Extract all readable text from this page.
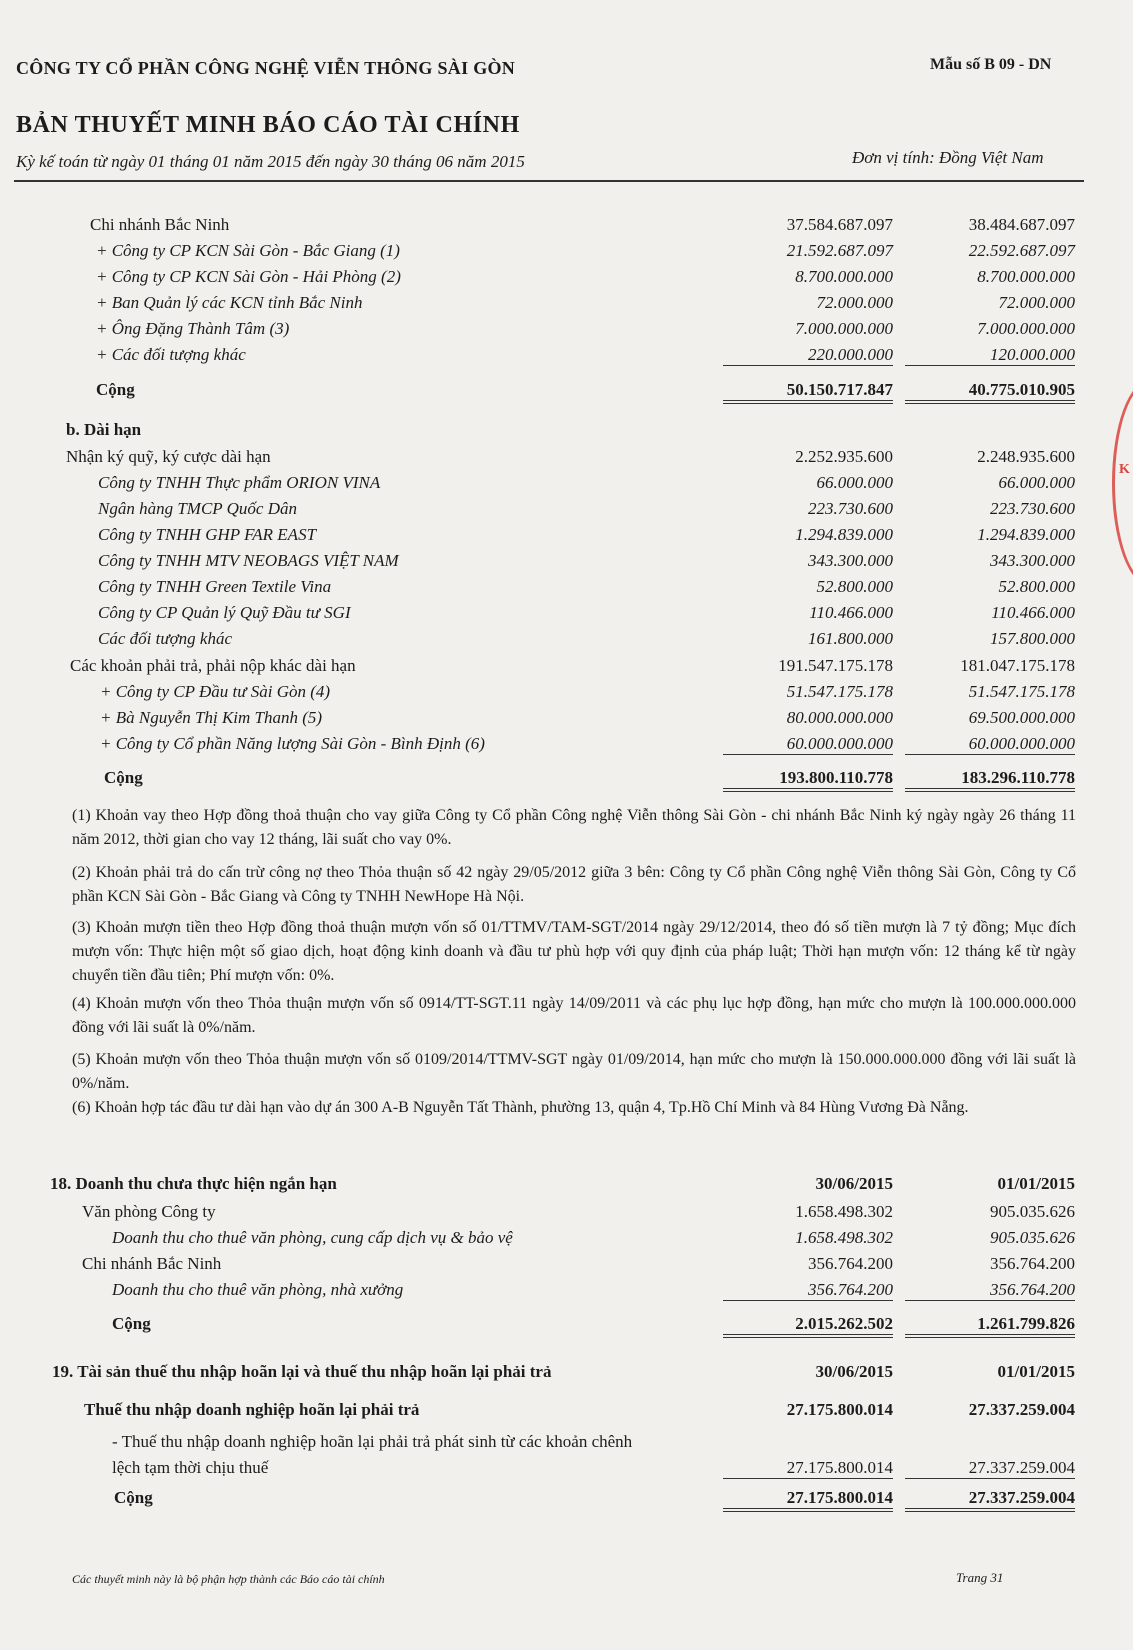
CÔNG TY CỔ PHẦN CÔNG NGHỆ VIỄN THÔNG SÀI GÒN	Mẫu số B 09 - DN
BẢN THUYẾT MINH BÁO CÁO TÀI CHÍNH
Kỳ kế toán từ ngày 01 tháng 01 năm 2015 đến ngày 30 tháng 06 năm 2015	Đơn vị tính: Đồng Việt Nam
Chi nhánh Bắc Ninh	37.584.687.097	38.484.687.097
+ Công ty CP KCN Sài Gòn - Bắc Giang (1)	21.592.687.097	22.592.687.097
+ Công ty CP KCN Sài Gòn - Hải Phòng (2)	8.700.000.000	8.700.000.000
+ Ban Quản lý các KCN tỉnh Bắc Ninh	72.000.000	72.000.000
+ Ông Đặng Thành Tâm (3)	7.000.000.000	7.000.000.000
+ Các đối tượng khác	220.000.000	120.000.000
Cộng	50.150.717.847	40.775.010.905
b. Dài hạn
Nhận ký quỹ, ký cược dài hạn	2.252.935.600	2.248.935.600
Công ty TNHH Thực phẩm ORION VINA	66.000.000	66.000.000
Ngân hàng TMCP Quốc Dân	223.730.600	223.730.600
Công ty TNHH GHP FAR EAST	1.294.839.000	1.294.839.000
Công ty TNHH MTV NEOBAGS VIỆT NAM	343.300.000	343.300.000
Công ty TNHH Green Textile Vina	52.800.000	52.800.000
Công ty CP Quản lý Quỹ Đầu tư SGI	110.466.000	110.466.000
Các đối tượng khác	161.800.000	157.800.000
Các khoản phải trả, phải nộp khác dài hạn	191.547.175.178	181.047.175.178
+ Công ty CP Đầu tư Sài Gòn (4)	51.547.175.178	51.547.175.178
+ Bà Nguyễn Thị Kim Thanh (5)	80.000.000.000	69.500.000.000
+ Công ty Cổ phần Năng lượng Sài Gòn - Bình Định (6)	60.000.000.000	60.000.000.000
Cộng	193.800.110.778	183.296.110.778
(1) Khoản vay theo Hợp đồng thoả thuận cho vay giữa Công ty Cổ phần Công nghệ Viễn thông Sài Gòn - chi nhánh Bắc Ninh ký ngày ngày 26 tháng 11 năm 2012, thời gian cho vay 12 tháng, lãi suất cho vay 0%.
(2) Khoản phải trả do cấn trừ công nợ theo Thỏa thuận số 42 ngày 29/05/2012 giữa 3 bên: Công ty Cổ phần Công nghệ Viễn thông Sài Gòn, Công ty Cổ phần KCN Sài Gòn - Bắc Giang và Công ty TNHH NewHope Hà Nội.
(3) Khoản mượn tiền theo Hợp đồng thoả thuận mượn vốn số 01/TTMV/TAM-SGT/2014 ngày 29/12/2014, theo đó số tiền mượn là 7 tỷ đồng; Mục đích mượn vốn: Thực hiện một số giao dịch, hoạt động kinh doanh và đầu tư phù hợp với quy định của pháp luật; Thời hạn mượn vốn: 12 tháng kể từ ngày chuyển tiền đầu tiên; Phí mượn vốn: 0%.
(4) Khoản mượn vốn theo Thỏa thuận mượn vốn số 0914/TT-SGT.11 ngày 14/09/2011 và các phụ lục hợp đồng, hạn mức cho mượn là 100.000.000.000 đồng với lãi suất là 0%/năm.
(5) Khoản mượn vốn theo Thỏa thuận mượn vốn số 0109/2014/TTMV-SGT ngày 01/09/2014, hạn mức cho mượn là 150.000.000.000 đồng với lãi suất là 0%/năm.
(6) Khoản hợp tác đầu tư dài hạn vào dự án 300 A-B Nguyễn Tất Thành, phường 13, quận 4, Tp.Hồ Chí Minh và 84 Hùng Vương Đà Nẵng.
18. Doanh thu chưa thực hiện ngắn hạn	30/06/2015	01/01/2015
Văn phòng Công ty	1.658.498.302	905.035.626
Doanh thu cho thuê văn phòng, cung cấp dịch vụ & bảo vệ	1.658.498.302	905.035.626
Chi nhánh Bắc Ninh	356.764.200	356.764.200
Doanh thu cho thuê văn phòng, nhà xưởng	356.764.200	356.764.200
Cộng	2.015.262.502	1.261.799.826
19. Tài sản thuế thu nhập hoãn lại và thuế thu nhập hoãn lại phải trả	30/06/2015	01/01/2015
Thuế thu nhập doanh nghiệp hoãn lại phải trả	27.175.800.014	27.337.259.004
- Thuế thu nhập doanh nghiệp hoãn lại phải trả phát sinh từ các khoản chênh
lệch tạm thời chịu thuế	27.175.800.014	27.337.259.004
Cộng	27.175.800.014	27.337.259.004
Các thuyết minh này là bộ phận hợp thành các Báo cáo tài chính	Trang 31
K
